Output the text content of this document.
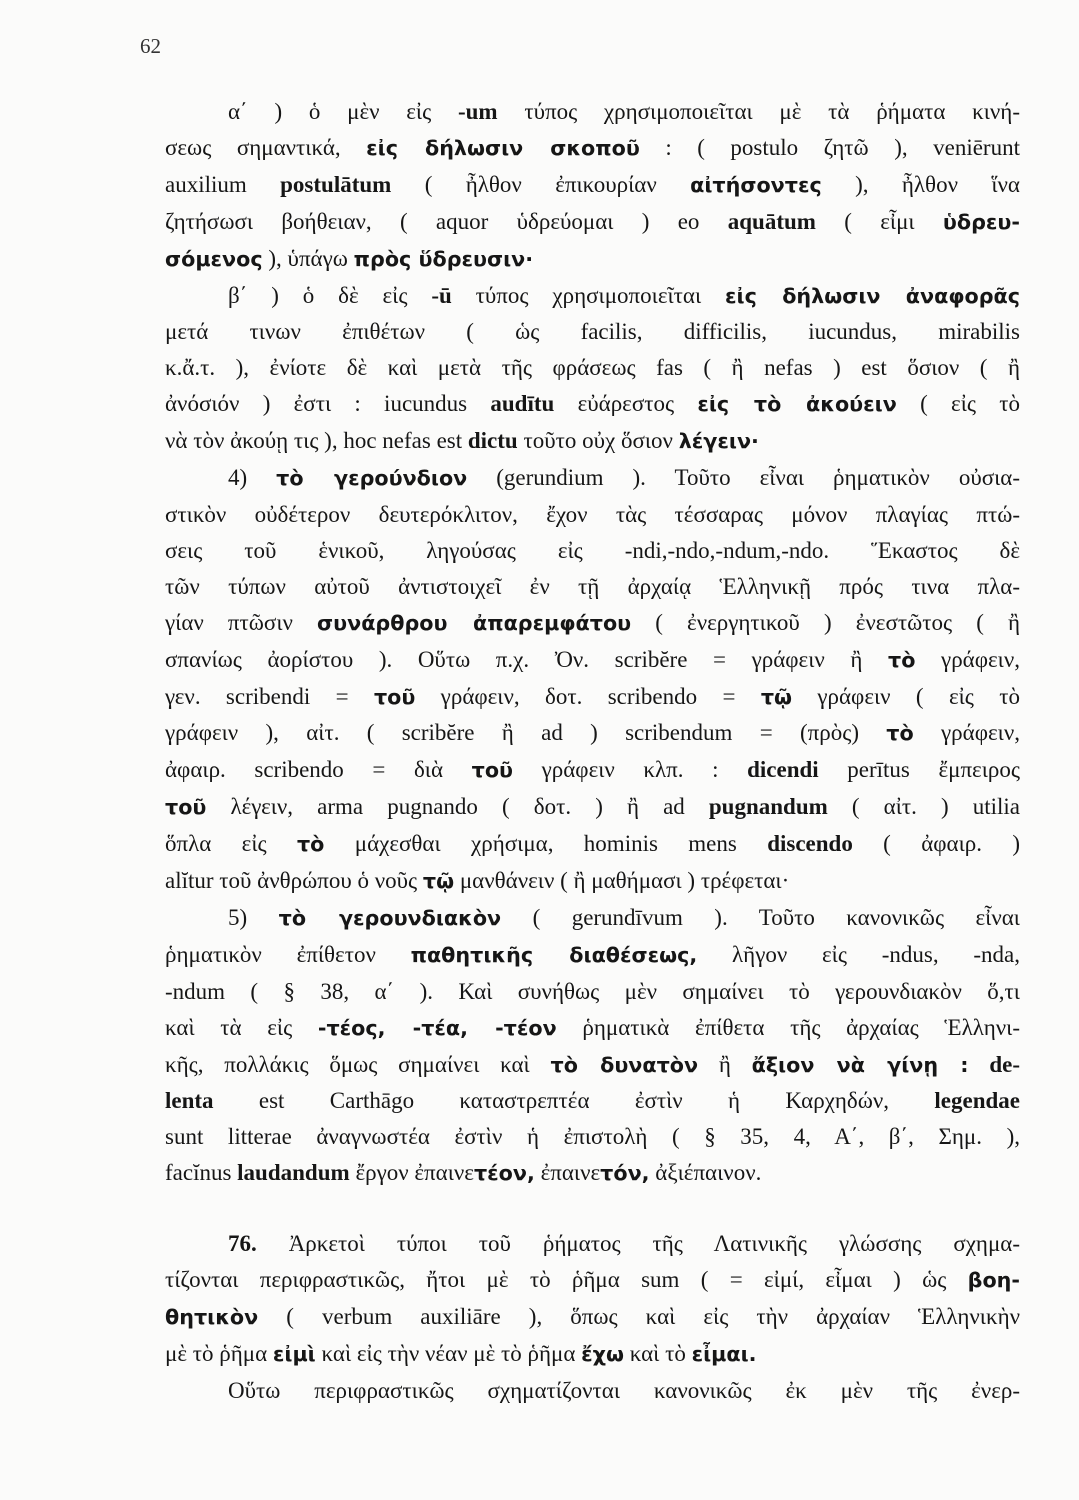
62
α΄ ) ὁ μὲν εἰς -um τύπος χρησιμοποιεῖται μὲ τὰ ῥήματα κινή-
σεως σημαντικά, εἰς δήλωσιν σκοποῦ : ( postulo ζητῶ ), veniērunt
auxilium postulātum ( ἦλθον ἐπικουρίαν αἰτήσοντες ), ἦλθον ἵνα
ζητήσωσι βοήθειαν, ( aquor ὑδρεύομαι ) eo aquātum ( εἶμι ὑδρευ-
σόμενος ), ὑπάγω πρὸς ὕδρευσιν·
β΄ ) ὁ δὲ εἰς -ū τύπος χρησιμοποιεῖται εἰς δήλωσιν ἀναφορᾶς
μετά τινων ἐπιθέτων ( ὡς facilis, difficilis, iucundus, mirabilis
κ.ἄ.τ. ), ἐνίοτε δὲ καὶ μετὰ τῆς φράσεως fas ( ἢ nefas ) est ὅσιον ( ἢ
ἀνόσιόν ) ἐστι : iucundus audītu εὐάρεστος εἰς τὸ ἀκούειν ( εἰς τὸ
νὰ τὸν ἀκούῃ τις ), hoc nefas est dictu τοῦτο οὐχ ὅσιον λέγειν·
4) τὸ γερούνδιον (gerundium ). Τοῦτο εἶναι ῥηματικὸν οὐσια-
στικὸν οὐδέτερον δευτερόκλιτον, ἔχον τὰς τέσσαρας μόνον πλαγίας πτώ-
σεις τοῦ ἑνικοῦ, ληγούσας εἰς -ndi,-ndo,-ndum,-ndo. Ἕκαστος δὲ
τῶν τύπων αὐτοῦ ἀντιστοιχεῖ ἐν τῇ ἀρχαίᾳ Ἑλληνικῇ πρός τινα πλα-
γίαν πτῶσιν συνάρθρου ἀπαρεμφάτου ( ἐνεργητικοῦ ) ἐνεστῶτος ( ἢ
σπανίως ἀορίστου ). Οὕτω π.χ. Ὀν. scribĕre = γράφειν ἢ τὸ γράφειν,
γεν. scribendi = τοῦ γράφειν, δοτ. scribendo = τῷ γράφειν ( εἰς τὸ
γράφειν ), αἰτ. ( scribĕre ἢ ad ) scribendum = (πρὸς) τὸ γράφειν,
ἀφαιρ. scribendo = διὰ τοῦ γράφειν κλπ. : dicendi perītus ἔμπειρος
τοῦ λέγειν, arma pugnando ( δοτ. ) ἢ ad pugnandum ( αἰτ. ) utilia
ὅπλα εἰς τὸ μάχεσθαι χρήσιμα, hominis mens discendo ( ἀφαιρ. )
alĭtur τοῦ ἀνθρώπου ὁ νοῦς τῷ μανθάνειν ( ἢ μαθήμασι ) τρέφεται·
5) τὸ γερουνδιακὸν ( gerundīvum ). Τοῦτο κανονικῶς εἶναι
ῥηματικὸν ἐπίθετον παθητικῆς διαθέσεως, λῆγον εἰς -ndus, -nda,
-ndum ( § 38, α΄ ). Καὶ συνήθως μὲν σημαίνει τὸ γερουνδιακὸν ὅ,τι
καὶ τὰ εἰς -τέος, -τέα, -τέον ῥηματικὰ ἐπίθετα τῆς ἀρχαίας Ἑλληνι-
κῆς, πολλάκις ὅμως σημαίνει καὶ τὸ δυνατὸν ἢ ἄξιον νὰ γίνῃ : de-
lenta est Carthāgo καταστρεπτέα ἐστὶν ἡ Καρχηδών, legendae
sunt litterae ἀναγνωστέα ἐστὶν ἡ ἐπιστολὴ ( § 35, 4, Α΄, β΄, Σημ. ),
facĭnus laudandum ἔργον ἐπαινετέον, ἐπαινετόν, ἀξιέπαινον.
76. Ἀρκετοὶ τύποι τοῦ ῥήματος τῆς Λατινικῆς γλώσσης σχημα-
τίζονται περιφραστικῶς, ἤτοι μὲ τὸ ῥῆμα sum ( = εἰμί, εἶμαι ) ὡς βοη-
θητικὸν ( verbum auxiliāre ), ὅπως καὶ εἰς τὴν ἀρχαίαν Ἑλληνικὴν
μὲ τὸ ῥῆμα εἰμὶ καὶ εἰς τὴν νέαν μὲ τὸ ῥῆμα ἔχω καὶ τὸ εἶμαι.
Οὕτω περιφραστικῶς σχηματίζονται κανονικῶς ἐκ μὲν τῆς ἐνερ-
